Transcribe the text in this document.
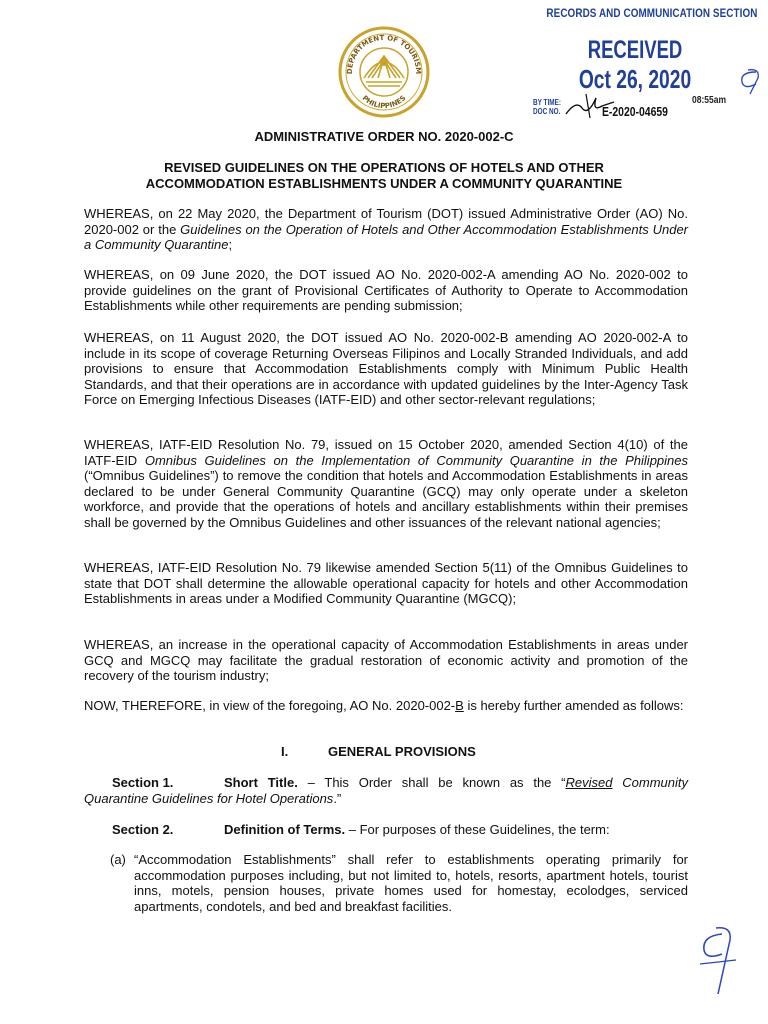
DEPARTMENT OF TOURISM
PHILIPPINES
RECORDS AND COMMUNICATION SECTION
RECEIVED
Oct 26, 2020
BY TIME:
DOC NO.
08:55am
E-2020-04659
ADMINISTRATIVE ORDER NO. 2020-002-C
REVISED GUIDELINES ON THE OPERATIONS OF HOTELS AND OTHER
ACCOMMODATION ESTABLISHMENTS UNDER A COMMUNITY QUARANTINE
WHEREAS, on 22 May 2020, the Department of Tourism (DOT) issued Administrative Order (AO) No. 2020-002 or the Guidelines on the Operation of Hotels and Other Accommodation Establishments Under a Community Quarantine;
WHEREAS, on 09 June 2020, the DOT issued AO No. 2020-002-A amending AO No. 2020-002 to provide guidelines on the grant of Provisional Certificates of Authority to Operate to Accommodation Establishments while other requirements are pending submission;
WHEREAS, on 11 August 2020, the DOT issued AO No. 2020-002-B amending AO 2020-002-A to include in its scope of coverage Returning Overseas Filipinos and Locally Stranded Individuals, and add provisions to ensure that Accommodation Establishments comply with Minimum Public Health Standards, and that their operations are in accordance with updated guidelines by the Inter-Agency Task Force on Emerging Infectious Diseases (IATF-EID) and other sector-relevant regulations;
WHEREAS, IATF-EID Resolution No. 79, issued on 15 October 2020, amended Section 4(10) of the IATF-EID Omnibus Guidelines on the Implementation of Community Quarantine in the Philippines (“Omnibus Guidelines”) to remove the condition that hotels and Accommodation Establishments in areas declared to be under General Community Quarantine (GCQ) may only operate under a skeleton workforce, and provide that the operations of hotels and ancillary establishments within their premises shall be governed by the Omnibus Guidelines and other issuances of the relevant national agencies;
WHEREAS, IATF-EID Resolution No. 79 likewise amended Section 5(11) of the Omnibus Guidelines to state that DOT shall determine the allowable operational capacity for hotels and other Accommodation Establishments in areas under a Modified Community Quarantine (MGCQ);
WHEREAS, an increase in the operational capacity of Accommodation Establishments in areas under GCQ and MGCQ may facilitate the gradual restoration of economic activity and promotion of the recovery of the tourism industry;
NOW, THEREFORE, in view of the foregoing, AO No. 2020-002-B is hereby further amended as follows:
I.	GENERAL PROVISIONS
Section 1.	Short Title. – This Order shall be known as the “Revised Community Quarantine Guidelines for Hotel Operations.”
Section 2.	Definition of Terms. – For purposes of these Guidelines, the term:
(a) “Accommodation Establishments” shall refer to establishments operating primarily for accommodation purposes including, but not limited to, hotels, resorts, apartment hotels, tourist inns, motels, pension houses, private homes used for homestay, ecolodges, serviced apartments, condotels, and bed and breakfast facilities.
